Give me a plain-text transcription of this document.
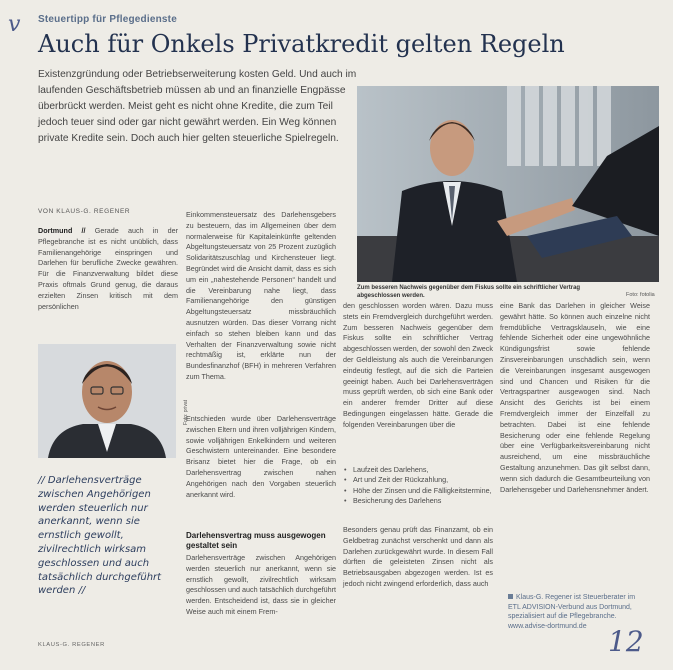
v Steuertipp für Pflegedienste
Auch für Onkels Privatkredit gelten Regeln
Existenzgründung oder Betriebserweiterung kosten Geld. Und auch im laufenden Geschäftsbetrieb müssen ab und an finanzielle Engpässe überbrückt werden. Meist geht es nicht ohne Kredite, die zum Teil jedoch teuer sind oder gar nicht gewährt werden. Ein Weg können private Kredite sein. Doch auch hier gelten steuerliche Spielregeln.
Zum besseren Nachweis gegenüber dem Fiskus sollte ein schriftlicher Vertrag abgeschlossen werden.	Foto: fotolia
VON KLAUS-G. REGENER
Dortmund // Gerade auch in der Pflegebranche ist es nicht unüblich, dass Familienangehörige einspringen und Darlehen für berufliche Zwecke gewähren. Für die Finanzverwaltung bildet diese Praxis oftmals Grund genug, die daraus erzielten Zinsen kritisch mit dem persönlichen
Foto: privat
// Darlehensverträge zwischen Angehörigen werden steuerlich nur anerkannt, wenn sie ernstlich gewollt, zivilrechtlich wirksam geschlossen und auch tatsächlich durchgeführt werden //
KLAUS-G. REGENER
Einkommensteuersatz des Darlehensgebers zu besteuern, das im Allgemeinen über dem normalerweise für Kapitaleinkünfte geltenden Abgeltungsteuersatz von 25 Prozent zuzüglich Solidaritätszuschlag und Kirchensteuer liegt. Begründet wird die Ansicht damit, dass es sich um ein „nahestehende Personen“ handelt und die Vereinbarung nahe liegt, dass Familienangehörige den günstigen Abgeltungsteuersatz missbräuchlich ausnutzen würden. Das dieser Vorrang nicht einfach so stehen bleiben kann und das Verhalten der Finanzverwaltung sowie nicht rechtmäßig ist, erklärte nun der Bundesfinanzhof (BFH) in mehreren Verfahren zum Thema.
Entschieden wurde über Darlehensverträge zwischen Eltern und ihren volljährigen Kindern, sowie volljährigen Enkelkindern und weiteren Geschwistern untereinander. Eine besondere Brisanz bietet hier die Frage, ob ein Darlehensvertrag zwischen nahen Angehörigen nach den Vorgaben steuerlich anerkannt wird.
Darlehensvertrag muss ausgewogen gestaltet sein
Darlehensverträge zwischen Angehörigen werden steuerlich nur anerkannt, wenn sie ernstlich gewollt, zivilrechtlich wirksam geschlossen und auch tatsächlich durchgeführt werden. Entscheidend ist, dass sie in gleicher Weise auch mit einem Frem-
den geschlossen worden wären. Dazu muss stets ein Fremdvergleich durchgeführt werden. Zum besseren Nachweis gegenüber dem Fiskus sollte ein schriftlicher Vertrag abgeschlossen werden, der sowohl den Zweck der Geldleistung als auch die Vereinbarungen eindeutig festlegt, auf die sich die Parteien geeinigt haben. Auch bei Darlehensverträgen muss geprüft werden, ob sich eine Bank oder ein anderer fremder Dritter auf diese Bedingungen eingelassen hätte. Gerade die folgenden Vereinbarungen über die
• Laufzeit des Darlehens,
• Art und Zeit der Rückzahlung,
• Höhe der Zinsen und die Fälligkeitstermine,
• Besicherung des Darlehens
Besonders genau prüft das Finanzamt, ob ein Geldbetrag zunächst verschenkt und dann als Darlehen zurückgewährt wurde. In diesem Fall dürften die geleisteten Zinsen nicht als Betriebsausgaben abgezogen werden. Ist es jedoch nicht zwingend erforderlich, dass auch
eine Bank das Darlehen in gleicher Weise gewährt hätte. So können auch einzelne nicht fremdübliche Vertragsklauseln, wie eine fehlende Sicherheit oder eine ungewöhnliche Kündigungsfrist sowie fehlende Zinsvereinbarungen unschädlich sein, wenn die Vereinbarungen insgesamt ausgewogen sind und Chancen und Risiken für die Vertragspartner ausgewogen sind. Nach Ansicht des Gerichts ist bei einem Fremdvergleich immer der Einzelfall zu betrachten. Dabei ist eine fehlende Besicherung oder eine fehlende Regelung über eine Verfügbarkeitsvereinbarung nicht ausreichend, um eine missbräuchliche Gestaltung anzunehmen. Das gilt selbst dann, wenn sich dadurch die Gesamtbeurteilung von Darlehensgeber und Darlehensnehmer ändert.
Klaus-G. Regener ist Steuerberater im ETL ADVISION-Verbund aus Dortmund, spezialisiert auf die Pflegebranche. www.advise-dortmund.de 12
